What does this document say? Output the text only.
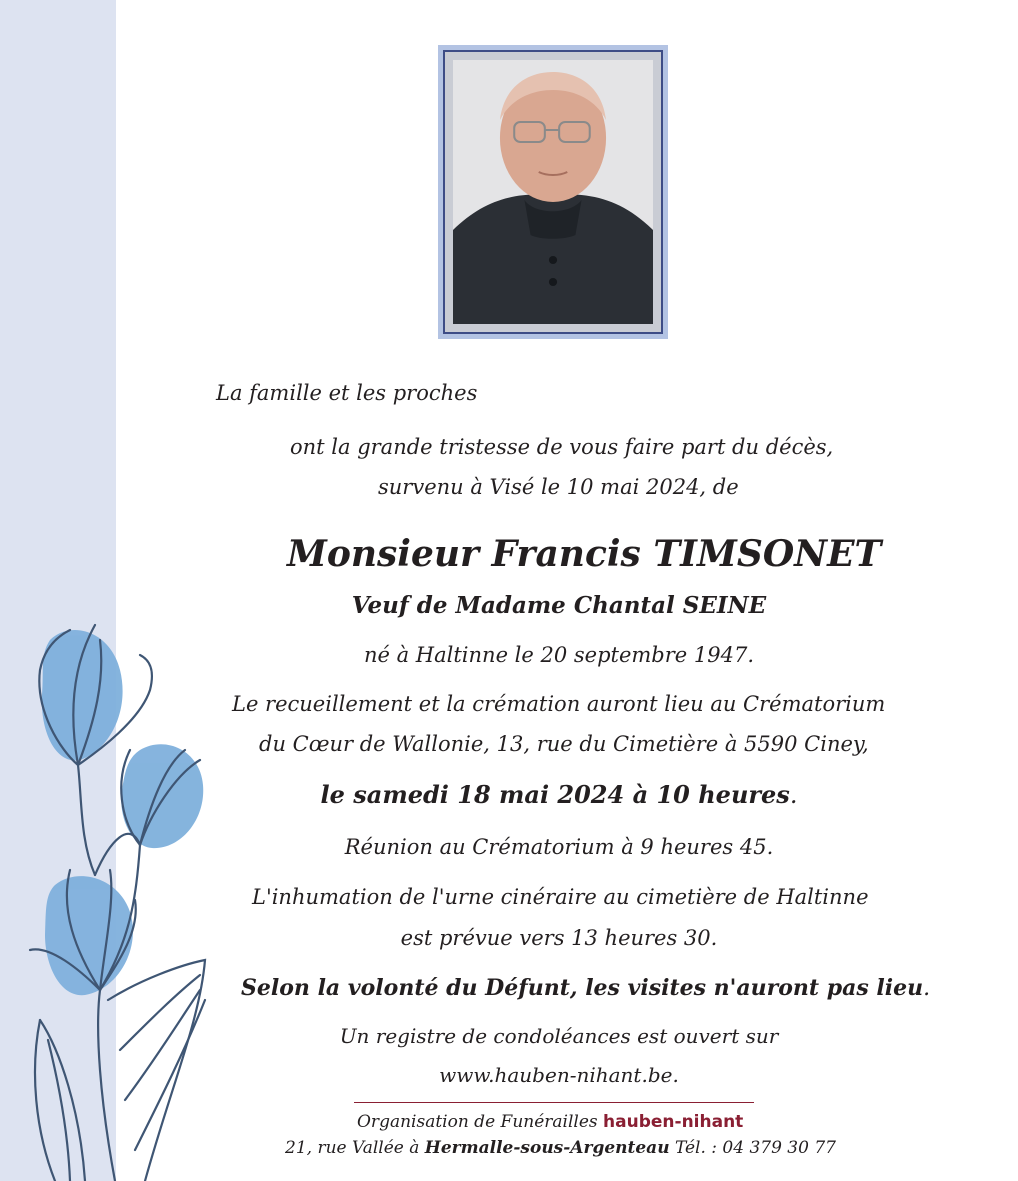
La famille et les proches
ont la grande tristesse de vous faire part du décès,
survenu à Visé le 10 mai 2024, de
Monsieur Francis TIMSONET
Veuf de Madame Chantal SEINE
né à Haltinne le 20 septembre 1947.
Le recueillement et la crémation auront lieu au Crématorium
du Cœur de Wallonie, 13, rue du Cimetière à 5590 Ciney,
le samedi 18 mai 2024 à 10 heures.
Réunion au Crématorium à 9 heures 45.
L'inhumation de l'urne cinéraire au cimetière de Haltinne
est prévue vers 13 heures 30.
Selon la volonté du Défunt, les visites n'auront pas lieu.
Un registre de condoléances est ouvert sur
www.hauben-nihant.be.
Organisation de Funérailles hauben-nihant
21, rue Vallée à Hermalle-sous-Argenteau Tél. : 04 379 30 77
